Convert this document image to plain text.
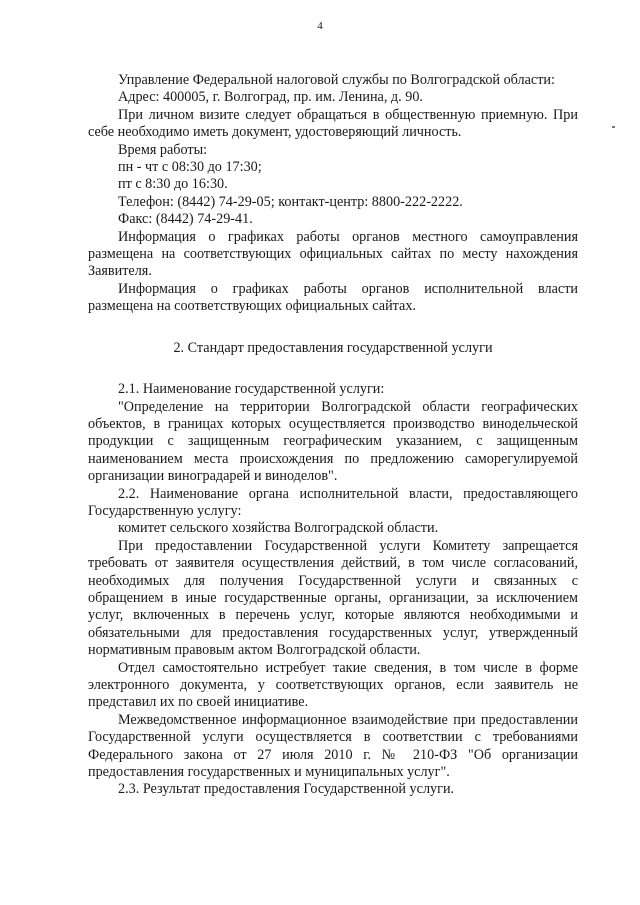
4

Управление Федеральной налоговой службы по Волгоградской области:

Адрес: 400005, г. Волгоград, пр. им. Ленина, д. 90.

При личном визите следует обращаться в общественную приемную. При себе необходимо иметь документ, удостоверяющий личность.

Время работы:

пн - чт с 08:30 до 17:30;

пт с 8:30 до 16:30.

Телефон: (8442) 74-29-05; контакт-центр: 8800-222-2222.

Факс: (8442) 74-29-41.

Информация о графиках работы органов местного самоуправления размещена на соответствующих официальных сайтах по месту нахождения Заявителя.

Информация о графиках работы органов исполнительной власти размещена на соответствующих официальных сайтах.

2. Стандарт предоставления государственной услуги

2.1. Наименование государственной услуги:

"Определение на территории Волгоградской области географических объектов, в границах которых осуществляется производство винодельческой продукции с защищенным географическим указанием, с защищенным наименованием места происхождения по предложению саморегулируемой организации виноградарей и виноделов".

2.2. Наименование органа исполнительной власти, предоставляющего Государственную услугу:

комитет сельского хозяйства Волгоградской области.

При предоставлении Государственной услуги Комитету запрещается требовать от заявителя осуществления действий, в том числе согласований, необходимых для получения Государственной услуги и связанных с обращением в иные государственные органы, организации, за исключением услуг, включенных в перечень услуг, которые являются необходимыми и обязательными для предоставления государственных услуг, утвержденный нормативным правовым актом Волгоградской области.

Отдел самостоятельно истребует такие сведения, в том числе в форме электронного документа, у соответствующих органов, если заявитель не представил их по своей инициативе.

Межведомственное информационное взаимодействие при предоставлении Государственной услуги осуществляется в соответствии с требованиями Федерального закона от 27 июля 2010 г. № 210-ФЗ "Об организации предоставления государственных и муниципальных услуг".

2.3. Результат предоставления Государственной услуги.
